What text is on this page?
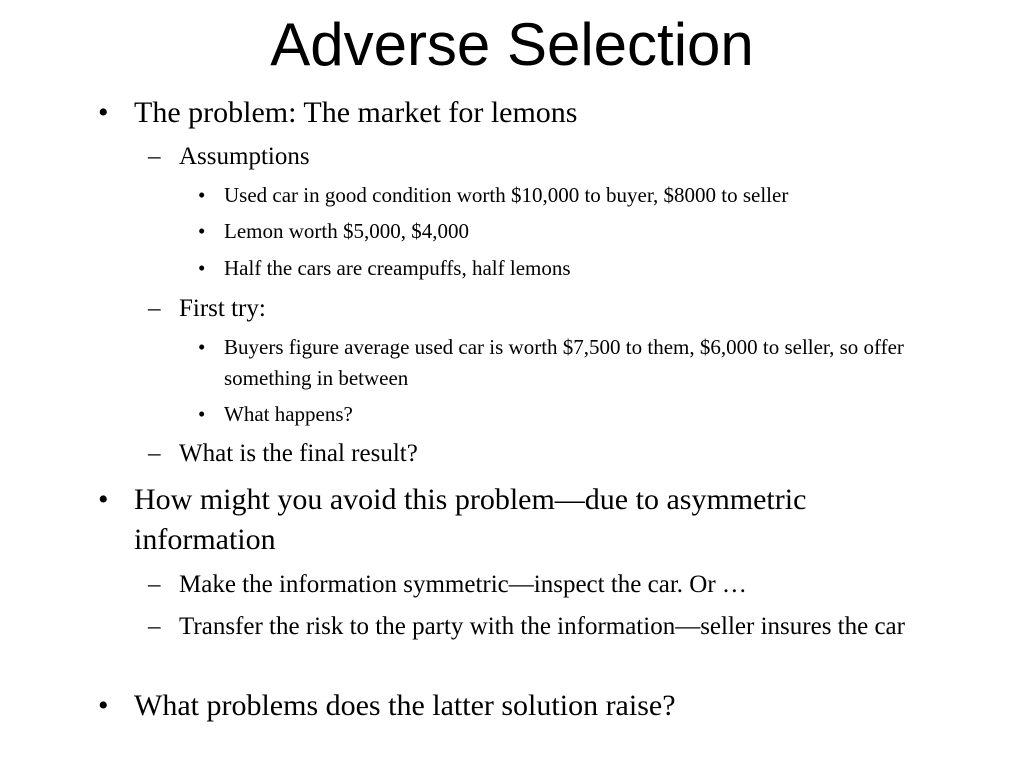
Adverse Selection
• The problem: The market for lemons
– Assumptions
• Used car in good condition worth $10,000 to buyer, $8000 to seller
• Lemon worth $5,000, $4,000
• Half the cars are creampuffs, half lemons
– First try:
• Buyers figure average used car is worth $7,500 to them, $6,000 to seller, so offer something in between
• What happens?
– What is the final result?
• How might you avoid this problem—due to asymmetric information
– Make the information symmetric—inspect the car. Or …
– Transfer the risk to the party with the information—seller insures the car
• What problems does the latter solution raise?
